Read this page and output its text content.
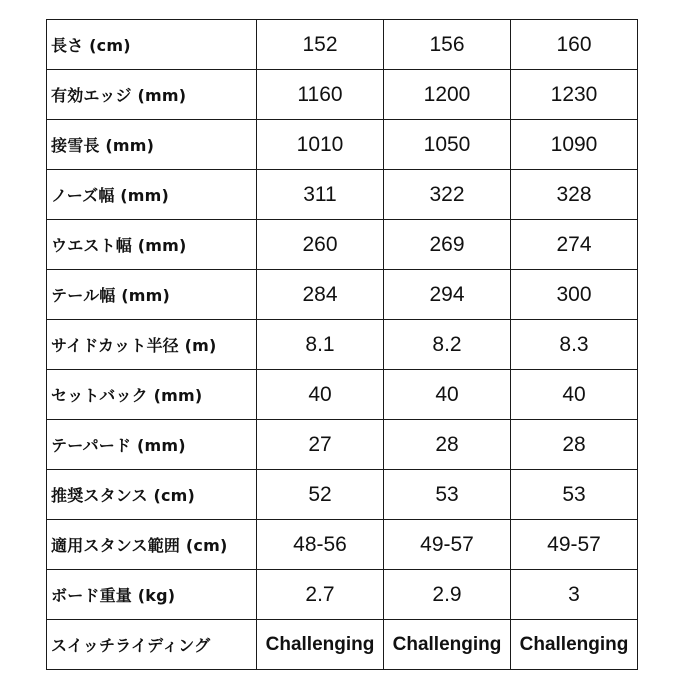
長さ (cm)	152	156	160
有効エッジ (mm)	1160	1200	1230
接雪長 (mm)	1010	1050	1090
ノーズ幅 (mm)	311	322	328
ウエスト幅 (mm)	260	269	274
テール幅 (mm)	284	294	300
サイドカット半径 (m)	8.1	8.2	8.3
セットバック (mm)	40	40	40
テーパード (mm)	27	28	28
推奨スタンス (cm)	52	53	53
適用スタンス範囲 (cm)	48-56	49-57	49-57
ボード重量 (kg)	2.7	2.9	3
スイッチライディング	Challenging	Challenging	Challenging
